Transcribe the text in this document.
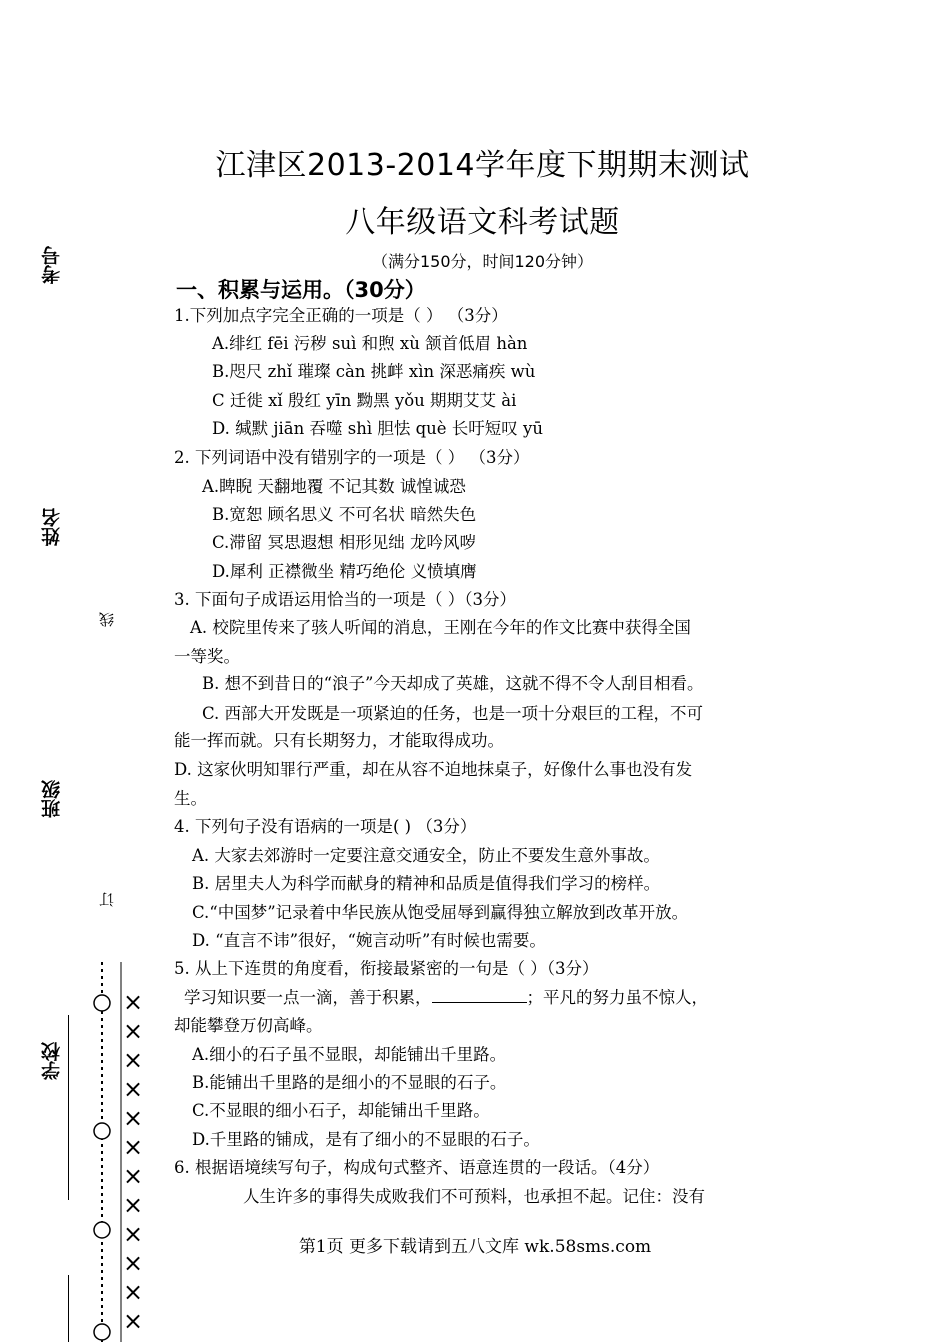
考号
姓名
班级
学校
线
订
×
×
×
×
×
×
×
×
×
×
×
×
江津区2013-2014学年度下期期末测试
八年级语文科考试题
（满分150分，时间120分钟）
一、积累与运用。（30分）
1.下列加点字完全正确的一项是（ ） （3分）
A.绯红 fēi 污秽 suì 和煦 xù 颔首低眉 hàn
B.咫尺 zhǐ 璀璨 càn 挑衅 xìn 深恶痛疾 wù
C 迁徙 xǐ 殷红 yīn 黝黑 yǒu 期期艾艾 ài
D. 缄默 jiān 吞噬 shì 胆怯 què 长吁短叹 yū
2. 下列词语中没有错别字的一项是（ ） （3分）
A.睥睨 天翻地覆 不记其数 诚惶诚恐
B.宽恕 顾名思义 不可名状 暗然失色
C.滞留 冥思遐想 相形见绌 龙吟风哕
D.犀利 正襟微坐 精巧绝伦 义愤填膺
3. 下面句子成语运用恰当的一项是（ ）（3分）
A. 校院里传来了骇人听闻的消息，王刚在今年的作文比赛中获得全国
一等奖。
B. 想不到昔日的“浪子”今天却成了英雄，这就不得不令人刮目相看。
C. 西部大开发既是一项紧迫的任务，也是一项十分艰巨的工程，不可
能一挥而就。只有长期努力，才能取得成功。
D. 这家伙明知罪行严重，却在从容不迫地抹桌子，好像什么事也没有发
生。
4. 下列句子没有语病的一项是( ) （3分）
A. 大家去郊游时一定要注意交通安全，防止不要发生意外事故。
B. 居里夫人为科学而献身的精神和品质是值得我们学习的榜样。
C.“中国梦”记录着中华民族从饱受屈辱到赢得独立解放到改革开放。
D. “直言不讳”很好，“婉言动听”有时候也需要。
5. 从上下连贯的角度看，衔接最紧密的一句是（ ）（3分）
学习知识要一点一滴，善于积累，	；平凡的努力虽不惊人，
却能攀登万仞高峰。
A.细小的石子虽不显眼，却能铺出千里路。
B.能铺出千里路的是细小的不显眼的石子。
C.不显眼的细小石子，却能铺出千里路。
D.千里路的铺成，是有了细小的不显眼的石子。
6. 根据语境续写句子，构成句式整齐、语意连贯的一段话。（4分）
人生许多的事得失成败我们不可预料，也承担不起。记住：没有
第1页 更多下载请到五八文库 wk.58sms.com
